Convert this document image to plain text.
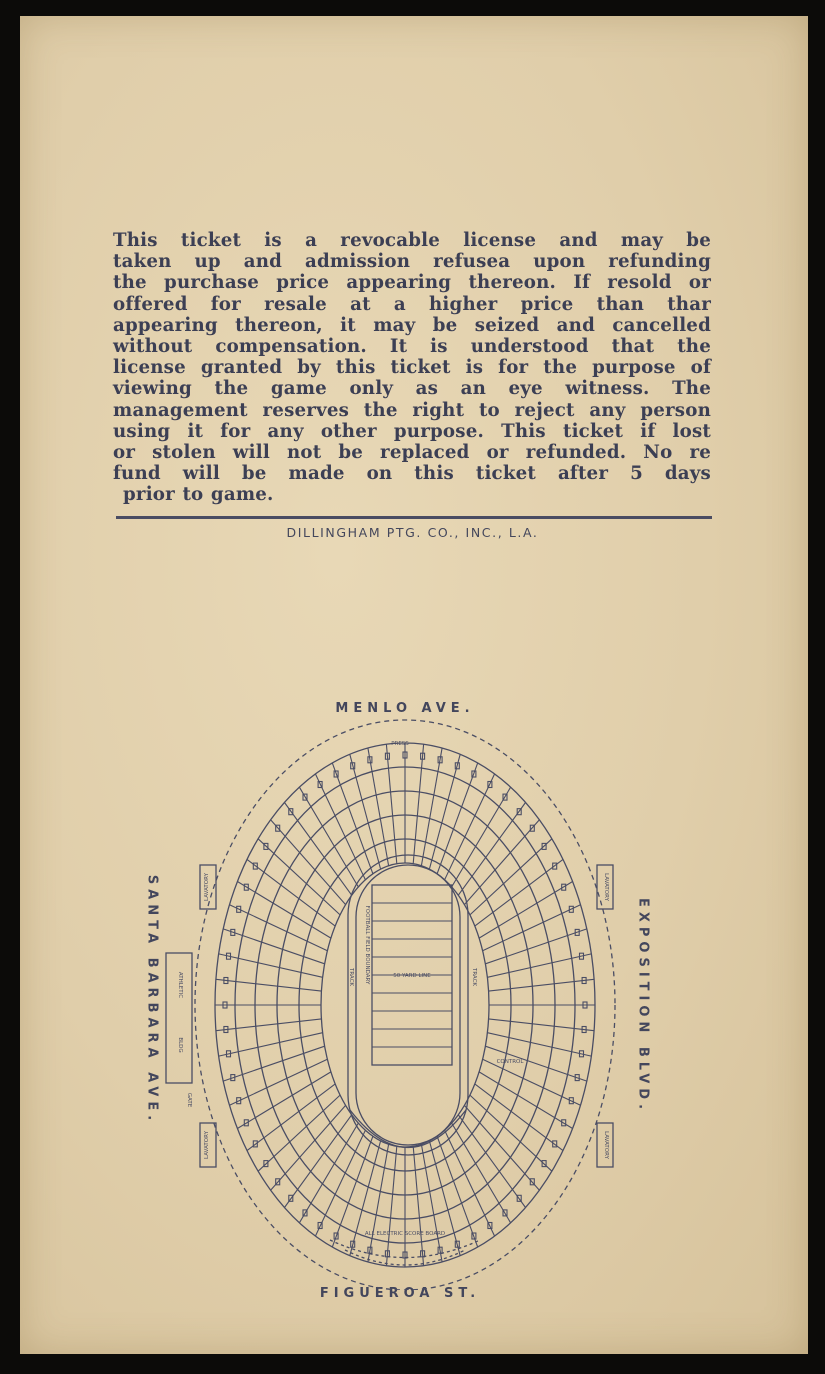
This ticket is a revocable license and may be
taken up and admission refusea upon refunding
the purchase price appearing thereon. If resold or
offered for resale at a higher price than thar
appearing thereon, it may be seized and cancelled
without compensation. It is understood that the
license granted by this ticket is for the purpose of
viewing the game only as an eye witness. The
management reserves the right to reject any person
using it for any other purpose. This ticket if lost
or stolen will not be replaced or refunded. No re
fund will be made on this ticket after 5 days
prior to game.
DILLINGHAM PTG. CO., INC., L.A.
MENLO AVE.
FIGUEROA ST.
SANTA BARBARA AVE.	EXPOSITION BLVD.
50 YARD LINE
TRACK	TRACK
FOOTBALL FIELD BOUNDARY
ATHLETIC
BLDG
GATE
LAVATORY
LAVATORY
LAVATORY
LAVATORY
ALL ELECTRIC SCORE BOARD
CONTROL
PRESS
